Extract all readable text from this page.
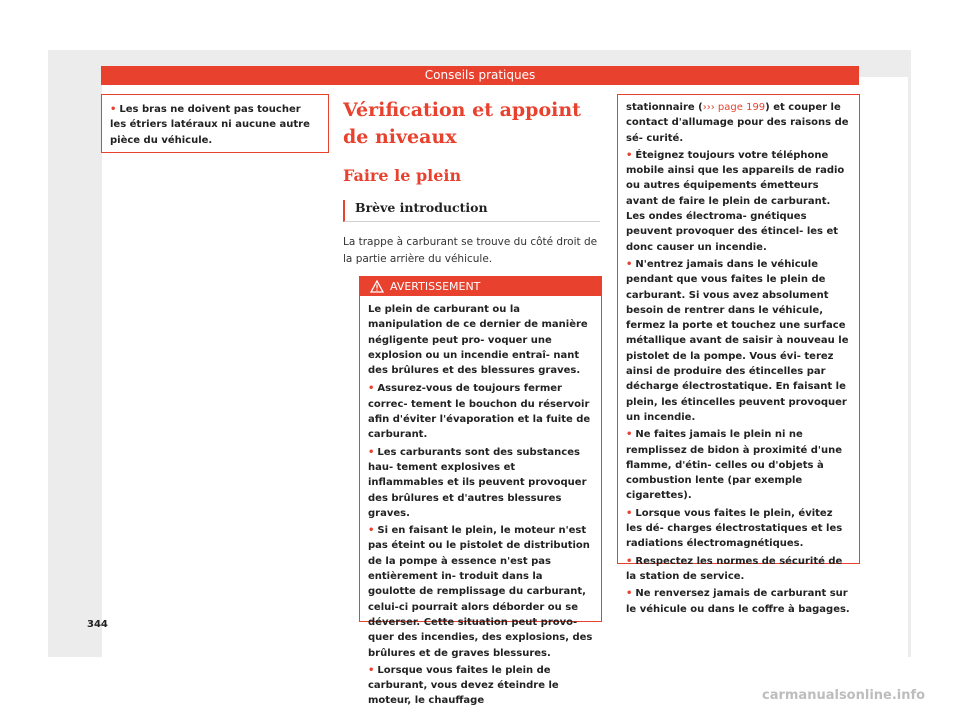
Conseils pratiques
• Les bras ne doivent pas toucher les étriers latéraux ni aucune autre pièce du véhicule.
Vérification et appoint de niveaux
Faire le plein
Brève introduction

La trappe à carburant se trouve du côté droit de la partie arrière du véhicule.

AVERTISSEMENT

Le plein de carburant ou la manipulation de ce dernier de manière négligente peut pro- voquer une explosion ou un incendie entraî- nant des brûlures et des blessures graves.

• Assurez-vous de toujours fermer correc- tement le bouchon du réservoir afin d'éviter l'évaporation et la fuite de carburant.
• Les carburants sont des substances hau- tement explosives et inflammables et ils peuvent provoquer des brûlures et d'autres blessures graves.
• Si en faisant le plein, le moteur n'est pas éteint ou le pistolet de distribution de la pompe à essence n'est pas entièrement in- troduit dans la goulotte de remplissage du carburant, celui-ci pourrait alors déborder ou se déverser. Cette situation peut provo- quer des incendies, des explosions, des brûlures et de graves blessures.
• Lorsque vous faites le plein de carburant, vous devez éteindre le moteur, le chauffage

stationnaire (››› page 199) et couper le contact d'allumage pour des raisons de sé- curité.

• Éteignez toujours votre téléphone mobile ainsi que les appareils de radio ou autres équipements émetteurs avant de faire le plein de carburant. Les ondes électroma- gnétiques peuvent provoquer des étincel- les et donc causer un incendie.
• N'entrez jamais dans le véhicule pendant que vous faites le plein de carburant. Si vous avez absolument besoin de rentrer dans le véhicule, fermez la porte et touchez une surface métallique avant de saisir à nouveau le pistolet de la pompe. Vous évi- terez ainsi de produire des étincelles par décharge électrostatique. En faisant le plein, les étincelles peuvent provoquer un incendie.
• Ne faites jamais le plein ni ne remplissez de bidon à proximité d'une flamme, d'étin- celles ou d'objets à combustion lente (par exemple cigarettes).
• Lorsque vous faites le plein, évitez les dé- charges électrostatiques et les radiations électromagnétiques.
• Respectez les normes de sécurité de la station de service.
• Ne renversez jamais de carburant sur le véhicule ou dans le coffre à bagages.
344
carmanualsonline.info
